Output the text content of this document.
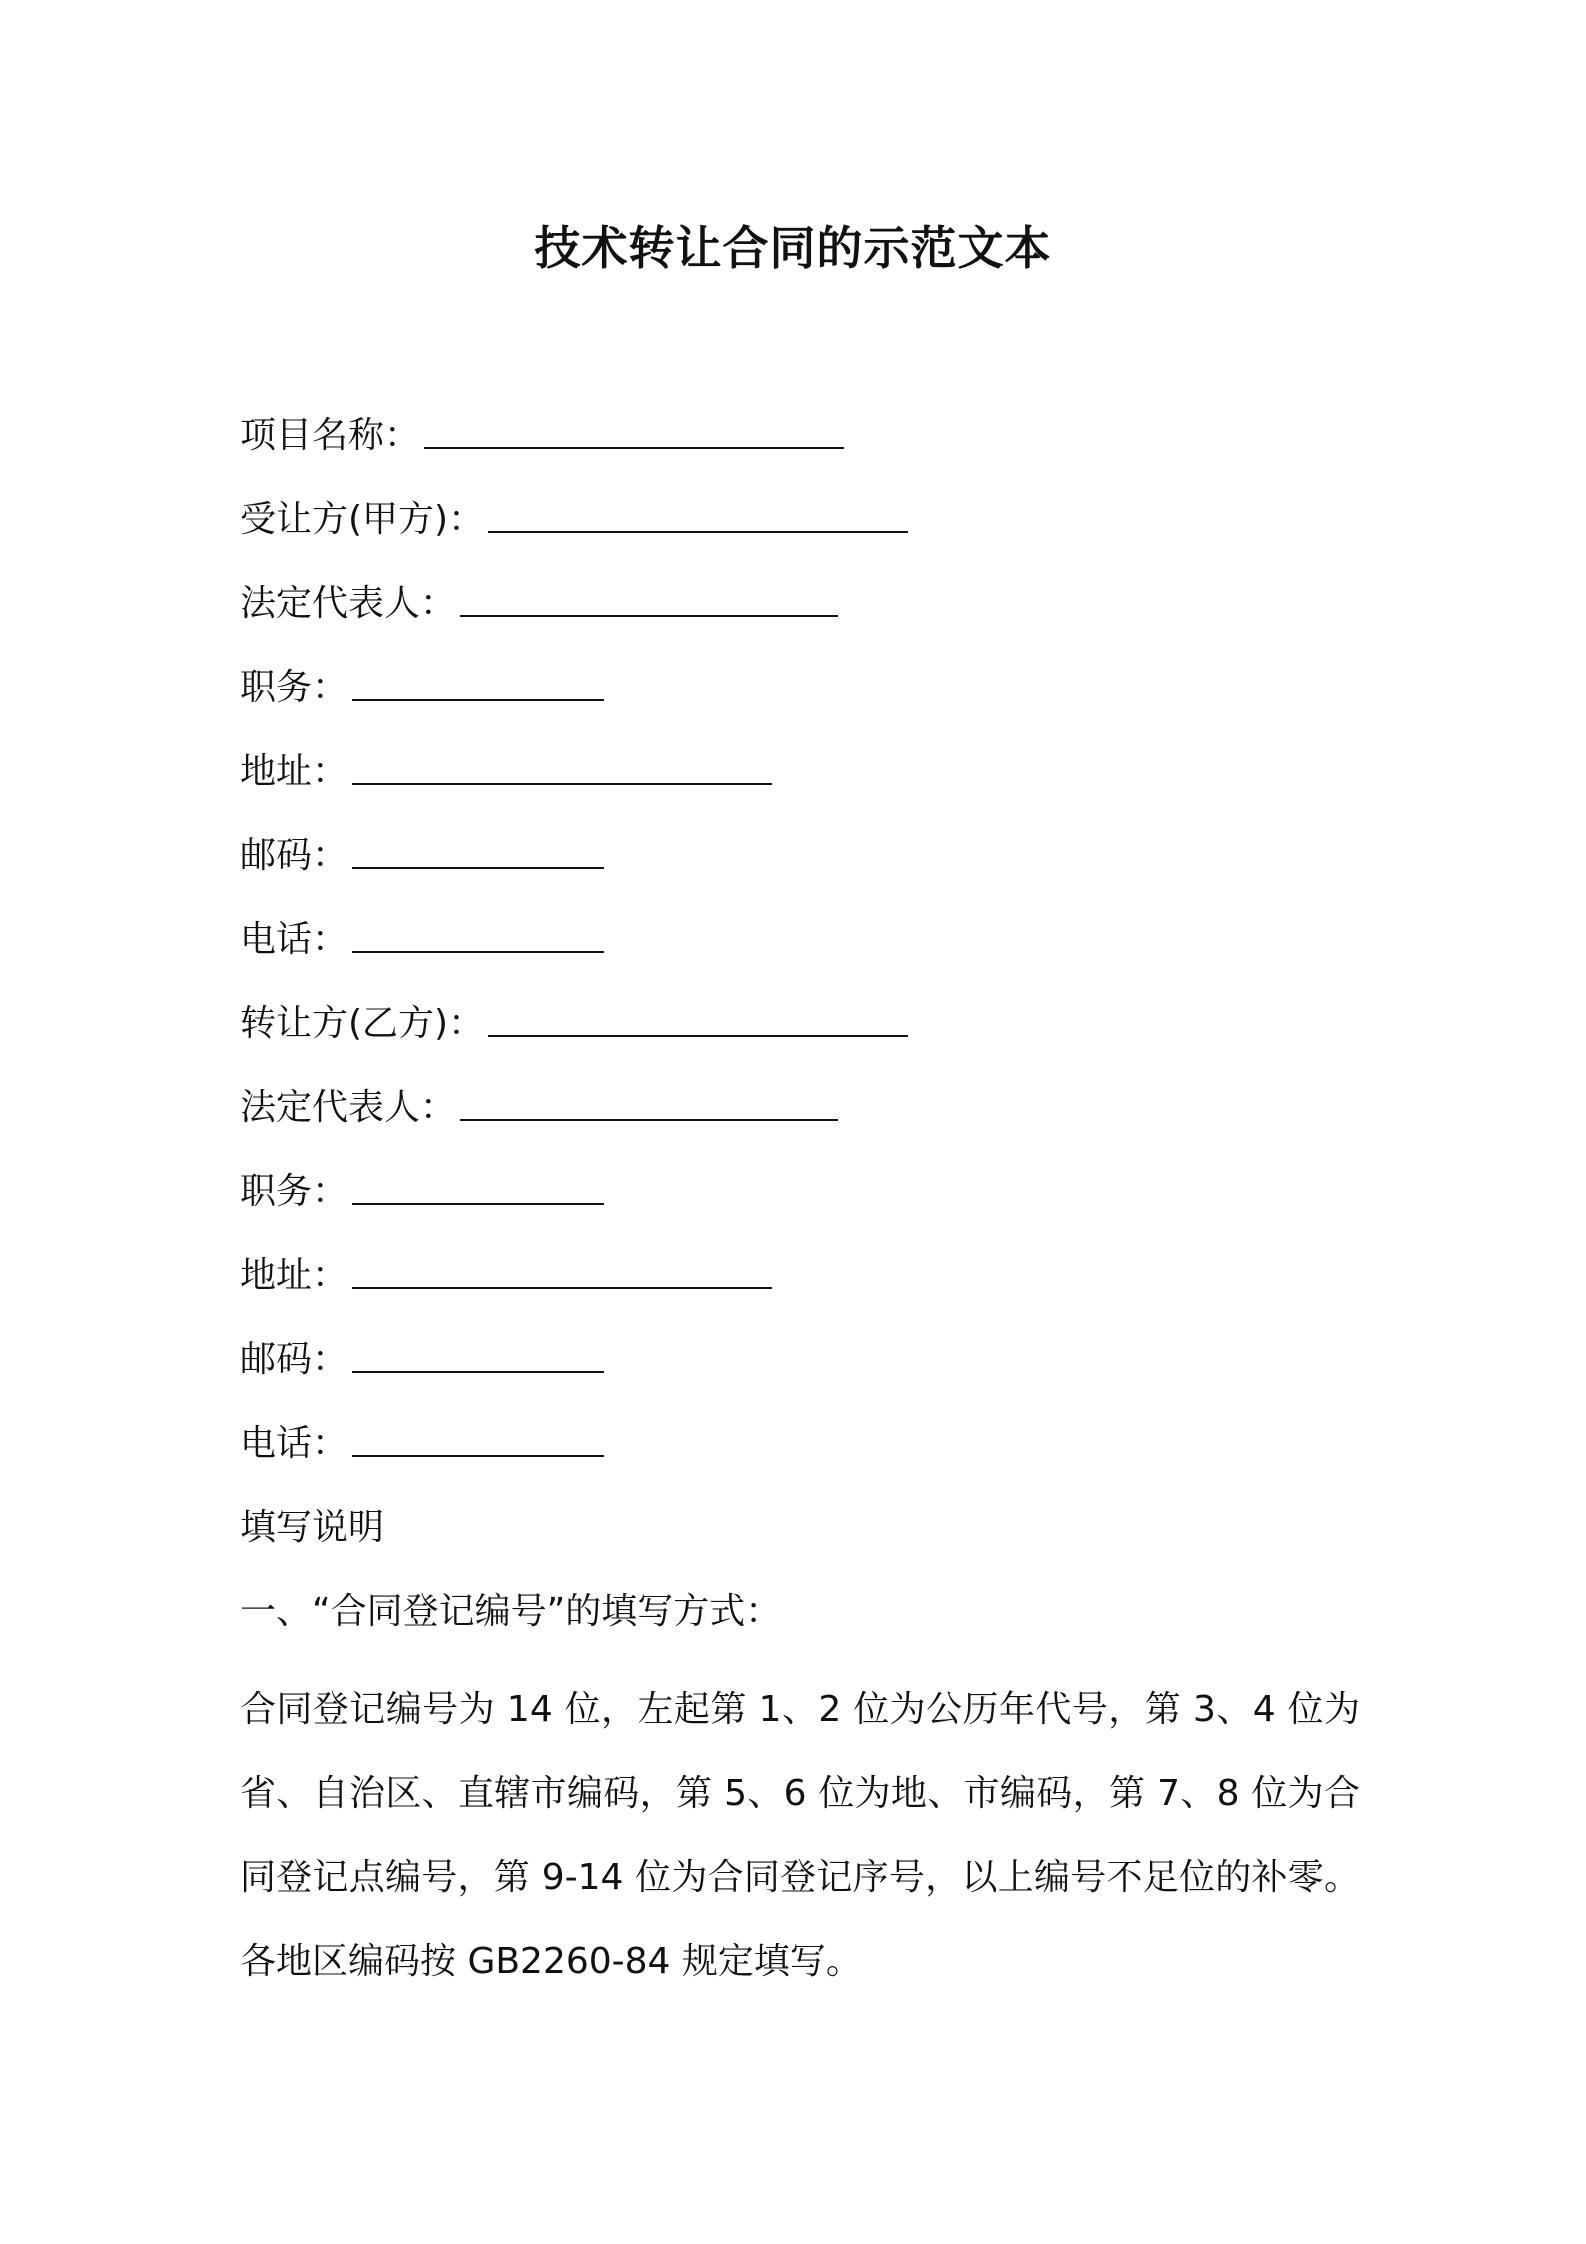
技术转让合同的示范文本
项目名称：
受让方(甲方)：
法定代表人：
职务：
地址：
邮码：
电话：
转让方(乙方)：
法定代表人：
职务：
地址：
邮码：
电话：
填写说明
一、“合同登记编号”的填写方式：
合同登记编号为 14 位，左起第 1、2 位为公历年代号，第 3、4 位为省、自治区、直辖市编码，第 5、6 位为地、市编码，第 7、8 位为合同登记点编号，第 9-14 位为合同登记序号，以上编号不足位的补零。各地区编码按 GB2260-84 规定填写。
